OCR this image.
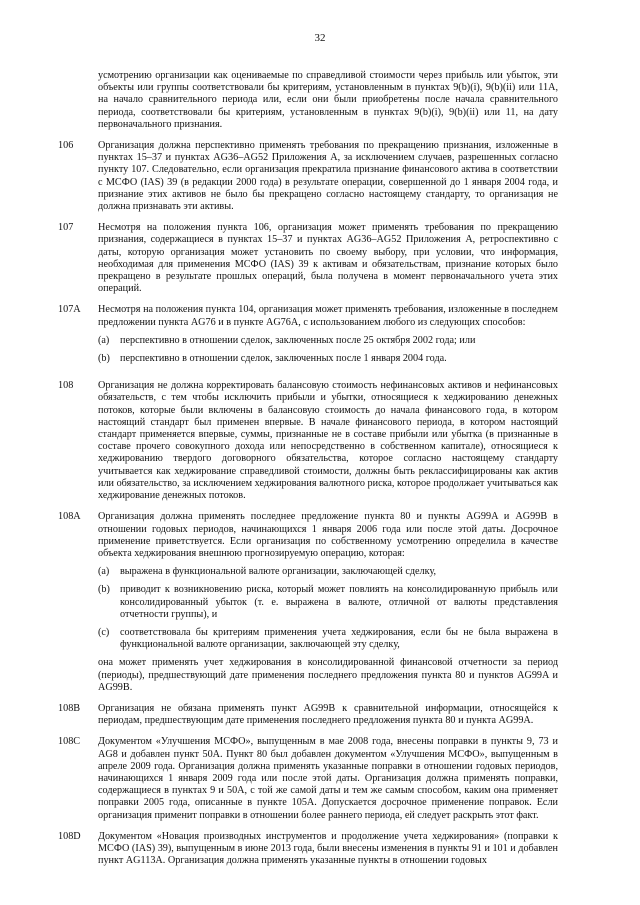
32

усмотрению организации как оцениваемые по справедливой стоимости через прибыль или убыток, эти объекты или группы соответствовали бы критериям, установленным в пунктах 9(b)(i), 9(b)(ii) или 11А, на начало сравнительного периода или, если они были приобретены после начала сравнительного периода, соответствовали бы критериям, установленным в пунктах 9(b)(i), 9(b)(ii) или 11, на дату первоначального признания.

106	Организация должна перспективно применять требования по прекращению признания, изложенные в пунктах 15–37 и пунктах AG36–AG52 Приложения A, за исключением случаев, разрешенных согласно пункту 107. Следовательно, если организация прекратила признание финансового актива в соответствии с МСФО (IAS) 39 (в редакции 2000 года) в результате операции, совершенной до 1 января 2004 года, и признание этих активов не было бы прекращено согласно настоящему стандарту, то организация не должна признавать эти активы.

107	Несмотря на положения пункта 106, организация может применять требования по прекращению признания, содержащиеся в пунктах 15–37 и пунктах AG36–AG52 Приложения A, ретроспективно с даты, которую организация может установить по своему выбору, при условии, что информация, необходимая для применения МСФО (IAS) 39 к активам и обязательствам, признание которых было прекращено в результате прошлых операций, была получена в момент первоначального учета этих операций.

107A	Несмотря на положения пункта 104, организация может применять требования, изложенные в последнем предложении пункта AG76 и в пункте AG76A, с использованием любого из следующих способов:

(a)	перспективно в отношении сделок, заключенных после 25 октября 2002 года; или
(b) перспективно в отношении сделок, заключенных после 1 января 2004 года.
108	Организация не должна корректировать балансовую стоимость нефинансовых активов и нефинансовых обязательств, с тем чтобы исключить прибыли и убытки, относящиеся к хеджированию денежных потоков, которые были включены в балансовую стоимость до начала финансового года, в котором настоящий стандарт был применен впервые. В начале финансового периода, в котором настоящий стандарт применяется впервые, суммы, признанные не в составе прибыли или убытка (в признанные в составе прочего совокупного дохода или непосредственно в собственном капитале), относящиеся к хеджированию твердого договорного обязательства, которое согласно настоящему стандарту учитывается как хеджирование справедливой стоимости, должны быть реклассифицированы как актив или обязательство, за исключением хеджирования валютного риска, которое продолжает учитываться как хеджирование денежных потоков.

108A	Организация должна применять последнее предложение пункта 80 и пункты AG99A и AG99B в отношении годовых периодов, начинающихся 1 января 2006 года или после этой даты. Досрочное применение приветствуется. Если организация по собственному усмотрению определила в качестве объекта хеджирования внешнюю прогнозируемую операцию, которая:

(a)	выражена в функциональной валюте организации, заключающей сделку,
(b) приводит к возникновению риска, который может повлиять на консолидированную прибыль или консолидированный убыток (т. е. выражена в валюте, отличной от валюты представления отчетности группы), и
(c)	соответствовала бы критериям применения учета хеджирования, если бы не была выражена в функциональной валюте организации, заключающей эту сделку,

она может применять учет хеджирования в консолидированной финансовой отчетности за период (периоды), предшествующий дате применения последнего предложения пункта 80 и пунктов AG99A и AG99B.

108B	Организация не обязана применять пункт AG99B к сравнительной информации, относящейся к периодам, предшествующим дате применения последнего предложения пункта 80 и пункта AG99A.

108C	Документом «Улучшения МСФО», выпущенным в мае 2008 года, внесены поправки в пункты 9, 73 и AG8 и добавлен пункт 50A. Пункт 80 был добавлен документом «Улучшения МСФО», выпущенным в апреле 2009 года. Организация должна применять указанные поправки в отношении годовых периодов, начинающихся 1 января 2009 года или после этой даты. Организация должна применять поправки, содержащиеся в пунктах 9 и 50A, с той же самой даты и тем же самым способом, каким она применяет поправки 2005 года, описанные в пункте 105A. Допускается досрочное применение поправок. Если организация применит поправки в отношении более раннего периода, ей следует раскрыть этот факт.

108D	Документом «Новация производных инструментов и продолжение учета хеджирования» (поправки к МСФО (IAS) 39), выпущенным в июне 2013 года, были внесены изменения в пункты 91 и 101 и добавлен пункт AG113A. Организация должна применять указанные пункты в отношении годовых
